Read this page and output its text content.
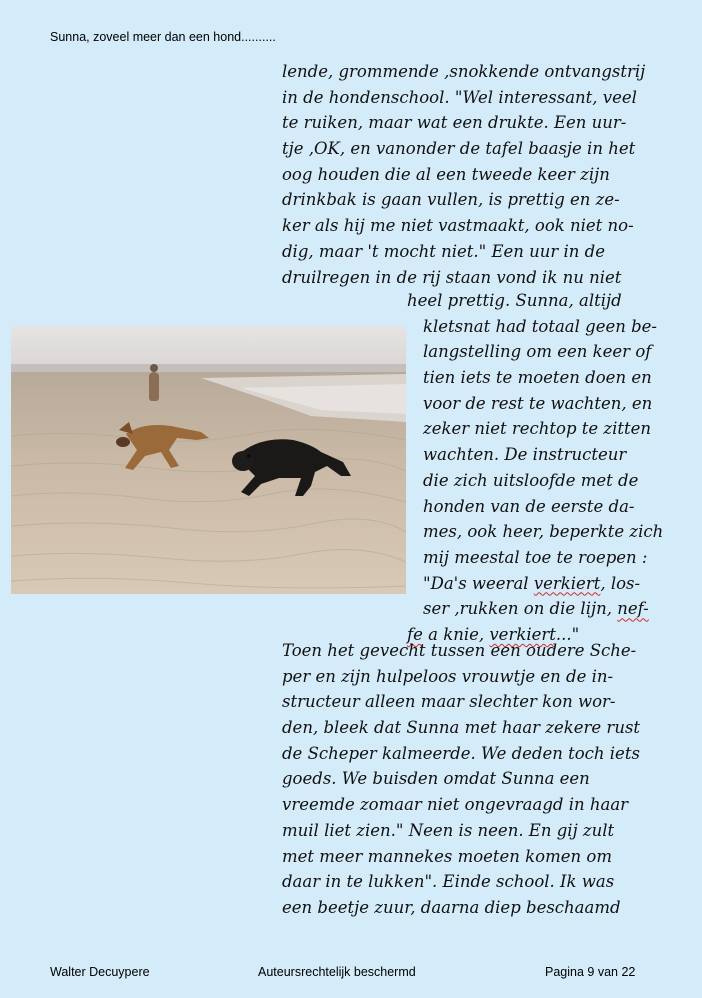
Sunna, zoveel meer dan een hond..........
lende, grommende ,snokkende ontvangstrij
in de hondenschool. "Wel interessant, veel
te ruiken, maar wat een drukte. Een uur-
tje ,OK, en vanonder de tafel baasje in het
oog houden die al een tweede keer zijn
drinkbak is gaan vullen, is prettig en ze-
ker als hij me niet vastmaakt, ook niet no-
dig, maar 't mocht niet." Een uur in de
druilregen in de rij staan vond ik nu niet
heel prettig. Sunna, altijd
kletsnat had totaal geen be-
langstelling om een keer of
tien iets te moeten doen en
voor de rest te wachten, en
zeker niet rechtop te zitten
wachten. De instructeur
die zich uitsloofde met de
honden van de eerste da-
mes, ook heer, beperkte zich
mij meestal toe te roepen :
"Da's weeral verkiert, los-
ser ,rukken on die lijn, nef-
fe a knie, verkiert..."
Toen het gevecht tussen een oudere Sche-
per en zijn hulpeloos vrouwtje en de in-
structeur alleen maar slechter kon wor-
den, bleek dat Sunna met haar zekere rust
de Scheper kalmeerde. We deden toch iets
goeds. We buisden omdat Sunna een
vreemde zomaar niet ongevraagd in haar
muil liet zien." Neen is neen. En gij zult
met meer mannekes moeten komen om
daar in te lukken". Einde school. Ik was
een beetje zuur, daarna diep beschaamd
Walter Decuypere	Auteursrechtelijk beschermd	Pagina 9 van 22
